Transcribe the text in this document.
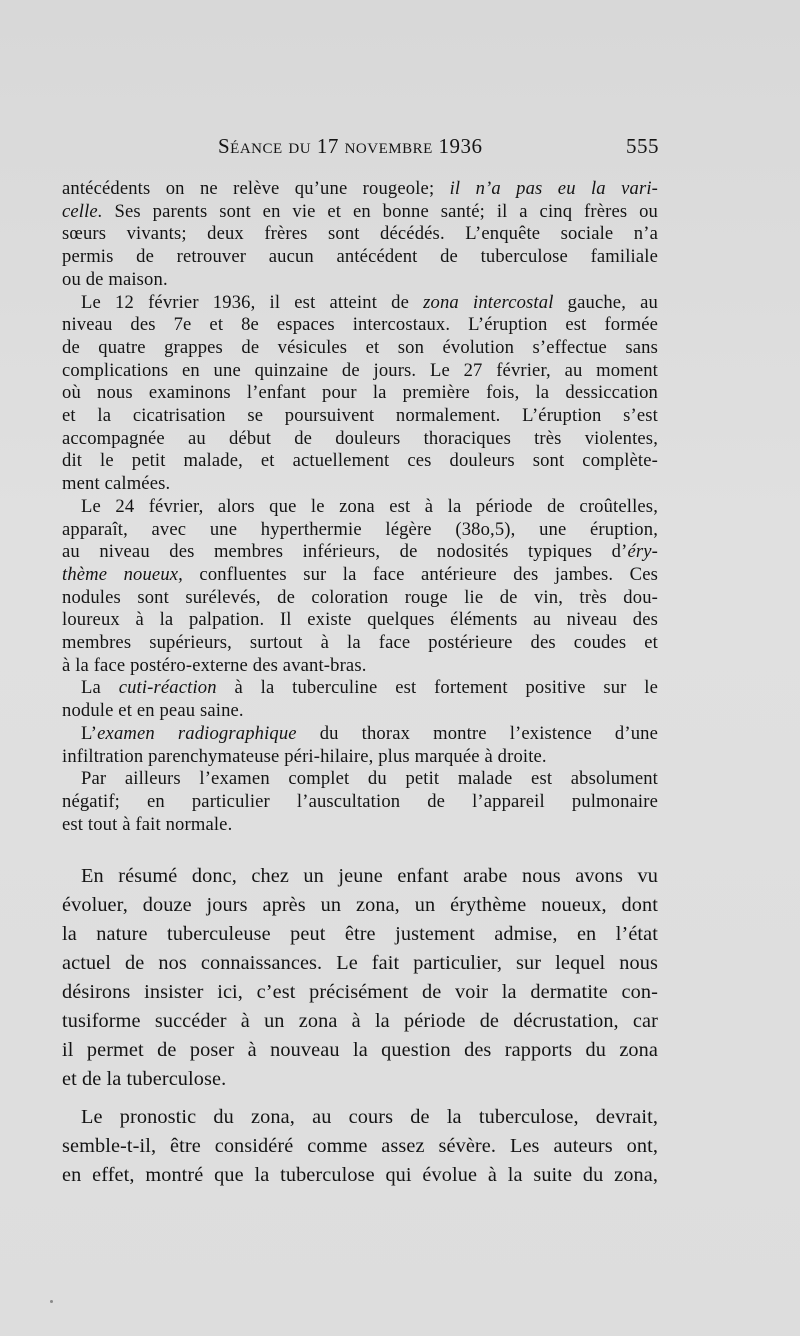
Séance du 17 novembre 1936	555

antécédents on ne relève qu’une rougeole; il n’a pas eu la vari-
celle. Ses parents sont en vie et en bonne santé; il a cinq frères ou
sœurs vivants; deux frères sont décédés. L’enquête sociale n’a
permis de retrouver aucun antécédent de tuberculose familiale
ou de maison.

Le 12 février 1936, il est atteint de zona intercostal gauche, au
niveau des 7e et 8e espaces intercostaux. L’éruption est formée
de quatre grappes de vésicules et son évolution s’effectue sans
complications en une quinzaine de jours. Le 27 février, au moment
où nous examinons l’enfant pour la première fois, la dessiccation
et la cicatrisation se poursuivent normalement. L’éruption s’est
accompagnée au début de douleurs thoraciques très violentes,
dit le petit malade, et actuellement ces douleurs sont complète-
ment calmées.

Le 24 février, alors que le zona est à la période de croûtelles,
apparaît, avec une hyperthermie légère (38o,5), une éruption,
au niveau des membres inférieurs, de nodosités typiques d’éry-
thème noueux, confluentes sur la face antérieure des jambes. Ces
nodules sont surélevés, de coloration rouge lie de vin, très dou-
loureux à la palpation. Il existe quelques éléments au niveau des
membres supérieurs, surtout à la face postérieure des coudes et
à la face postéro-externe des avant-bras.

La cuti-réaction à la tuberculine est fortement positive sur le
nodule et en peau saine.

L’examen radiographique du thorax montre l’existence d’une
infiltration parenchymateuse péri-hilaire, plus marquée à droite.

Par ailleurs l’examen complet du petit malade est absolument
négatif; en particulier l’auscultation de l’appareil pulmonaire
est tout à fait normale.

En résumé donc, chez un jeune enfant arabe nous avons vu
évoluer, douze jours après un zona, un érythème noueux, dont
la nature tuberculeuse peut être justement admise, en l’état
actuel de nos connaissances. Le fait particulier, sur lequel nous
désirons insister ici, c’est précisément de voir la dermatite con-
tusiforme succéder à un zona à la période de décrustation, car
il permet de poser à nouveau la question des rapports du zona
et de la tuberculose.

Le pronostic du zona, au cours de la tuberculose, devrait,
semble-t-il, être considéré comme assez sévère. Les auteurs ont,
en effet, montré que la tuberculose qui évolue à la suite du zona,
